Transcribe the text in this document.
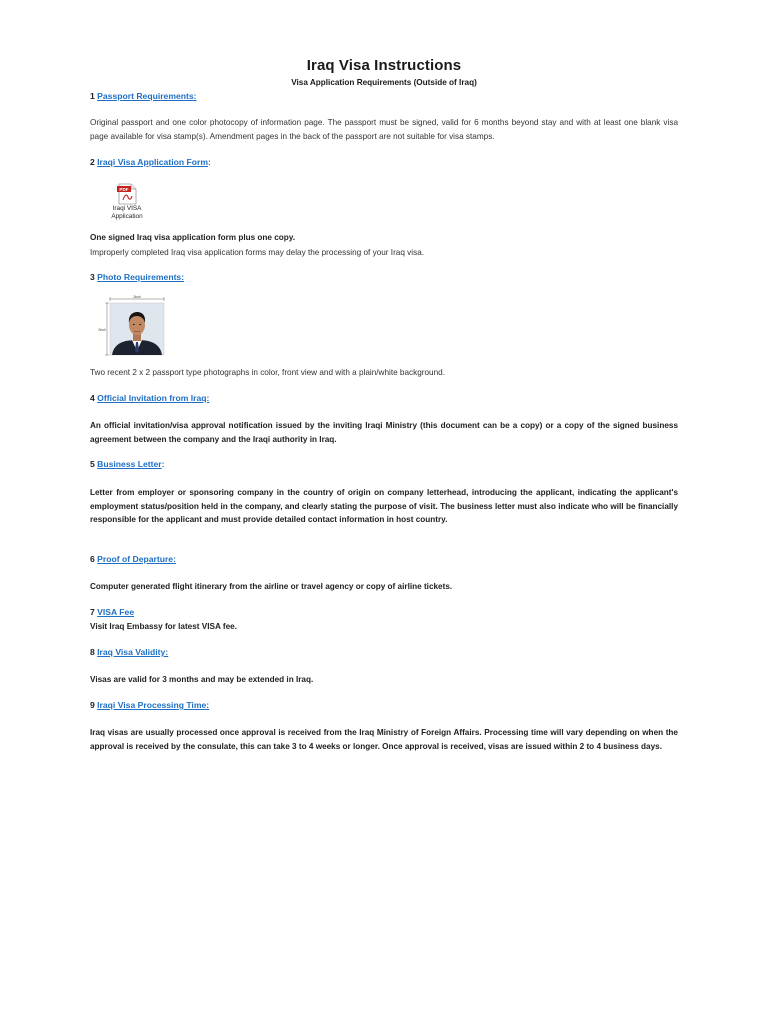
Iraq Visa Instructions
Visa Application Requirements (Outside of Iraq)
1 Passport Requirements:

Original passport and one color photocopy of information page. The passport must be signed, valid for 6 months beyond stay and with at least one blank visa page available for visa stamp(s). Amendment pages in the back of the passport are not suitable for visa stamps.

2 Iraqi Visa Application Form:
PDF
Iraqi VISA
Application

One signed Iraq visa application form plus one copy.

Improperly completed Iraq visa application forms may delay the processing of your Iraq visa.

3 Photo Requirements:
2inch
2inch

Two recent 2 x 2 passport type photographs in color, front view and with a plain/white background.

4 Official Invitation from Iraq:

An official invitation/visa approval notification issued by the inviting Iraqi Ministry (this document can be a copy) or a copy of the signed business agreement between the company and the Iraqi authority in Iraq.

5 Business Letter:

Letter from employer or sponsoring company in the country of origin on company letterhead, introducing the applicant, indicating the applicant's employment status/position held in the company, and clearly stating the purpose of visit. The business letter must also indicate who will be financially responsible for the applicant and must provide detailed contact information in host country.

6 Proof of Departure:

Computer generated flight itinerary from the airline or travel agency or copy of airline tickets.

7 VISA Fee

Visit Iraq Embassy for latest VISA fee.

8 Iraq Visa Validity:

Visas are valid for 3 months and may be extended in Iraq.

9 Iraqi Visa Processing Time:

Iraq visas are usually processed once approval is received from the Iraq Ministry of Foreign Affairs. Processing time will vary depending on when the approval is received by the consulate, this can take 3 to 4 weeks or longer. Once approval is received, visas are issued within 2 to 4 business days.
